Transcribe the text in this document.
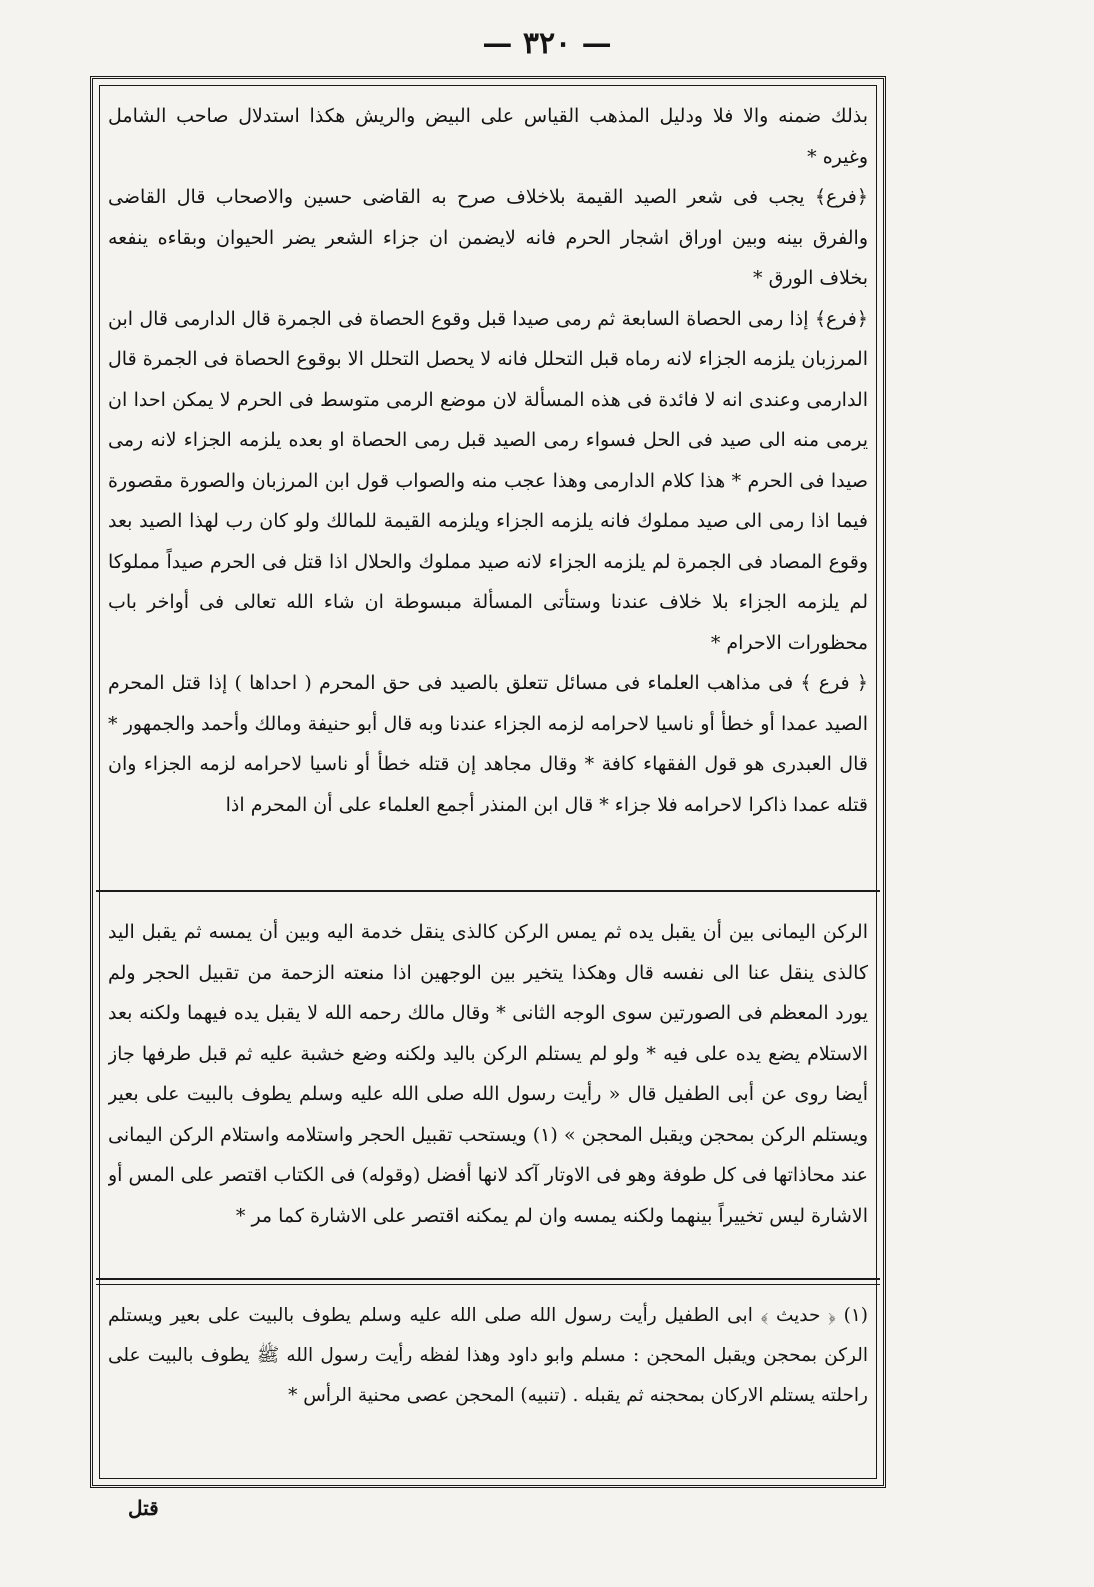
— ٣٢٠ —

بذلك ضمنه والا فلا ودليل المذهب القياس على البيض والريش هكذا استدلال صاحب الشامل وغيره *

﴿فرع﴾ يجب فى شعر الصيد القيمة بلاخلاف صرح به القاضى حسين والاصحاب قال القاضى والفرق بينه وبين اوراق اشجار الحرم فانه لايضمن ان جزاء الشعر يضر الحيوان وبقاءه ينفعه بخلاف الورق *

﴿فرع﴾ إذا رمى الحصاة السابعة ثم رمى صيدا قبل وقوع الحصاة فى الجمرة قال الدارمى قال ابن المرزبان يلزمه الجزاء لانه رماه قبل التحلل فانه لا يحصل التحلل الا بوقوع الحصاة فى الجمرة قال الدارمى وعندى انه لا فائدة فى هذه المسألة لان موضع الرمى متوسط فى الحرم لا يمكن احدا ان يرمى منه الى صيد فى الحل فسواء رمى الصيد قبل رمى الحصاة او بعده يلزمه الجزاء لانه رمى صيدا فى الحرم * هذا كلام الدارمى وهذا عجب منه والصواب قول ابن المرزبان والصورة مقصورة فيما اذا رمى الى صيد مملوك فانه يلزمه الجزاء ويلزمه القيمة للمالك ولو كان رب لهذا الصيد بعد وقوع المصاد فى الجمرة لم يلزمه الجزاء لانه صيد مملوك والحلال اذا قتل فى الحرم صيداً مملوكا لم يلزمه الجزاء بلا خلاف عندنا وستأتى المسألة مبسوطة ان شاء الله تعالى فى أواخر باب محظورات الاحرام *

﴿ فرع ﴾ فى مذاهب العلماء فى مسائل تتعلق بالصيد فى حق المحرم ( احداها ) إذا قتل المحرم الصيد عمدا أو خطأ أو ناسيا لاحرامه لزمه الجزاء عندنا وبه قال أبو حنيفة ومالك وأحمد والجمهور * قال العبدرى هو قول الفقهاء كافة * وقال مجاهد إن قتله خطأ أو ناسيا لاحرامه لزمه الجزاء وان قتله عمدا ذاكرا لاحرامه فلا جزاء * قال ابن المنذر أجمع العلماء على أن المحرم اذا

الركن اليمانى بين أن يقبل يده ثم يمس الركن كالذى ينقل خدمة اليه وبين أن يمسه ثم يقبل اليد كالذى ينقل عنا الى نفسه قال وهكذا يتخير بين الوجهين اذا منعته الزحمة من تقبيل الحجر ولم يورد المعظم فى الصورتين سوى الوجه الثانى * وقال مالك رحمه الله لا يقبل يده فيهما ولكنه بعد الاستلام يضع يده على فيه * ولو لم يستلم الركن باليد ولكنه وضع خشبة عليه ثم قبل طرفها جاز أيضا روى عن أبى الطفيل قال « رأيت رسول الله صلى الله عليه وسلم يطوف بالبيت على بعير ويستلم الركن بمحجن ويقبل المحجن » (١) ويستحب تقبيل الحجر واستلامه واستلام الركن اليمانى عند محاذاتها فى كل طوفة وهو فى الاوتار آكد لانها أفضل (وقوله) فى الكتاب اقتصر على المس أو الاشارة ليس تخييراً بينهما ولكنه يمسه وان لم يمكنه اقتصر على الاشارة كما مر *

(١) ﴿ حديث ﴾ ابى الطفيل رأيت رسول الله صلى الله عليه وسلم يطوف بالبيت على بعير ويستلم الركن بمحجن ويقبل المحجن : مسلم وابو داود وهذا لفظه رأيت رسول الله ﷺ يطوف بالبيت على راحلته يستلم الاركان بمحجنه ثم يقبله . (تنبيه) المحجن عصى محنية الرأس *

قتل
